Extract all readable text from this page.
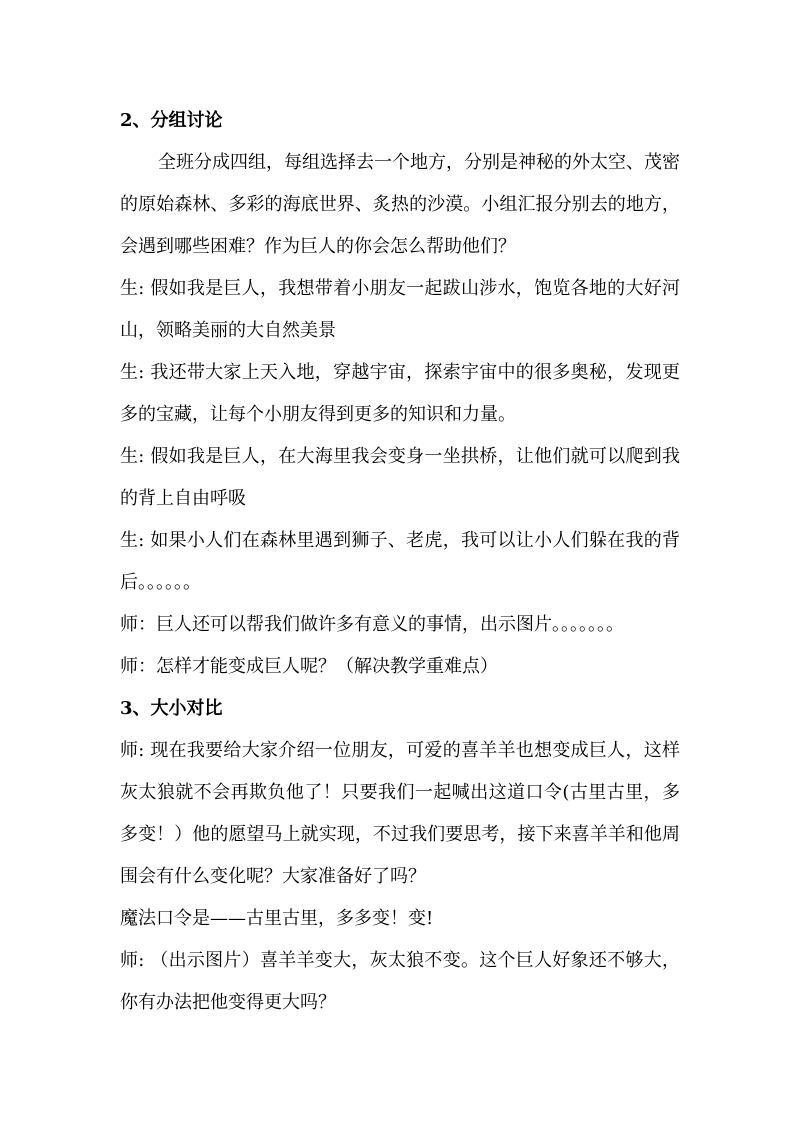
2、分组讨论

全班分成四组，每组选择去一个地方，分别是神秘的外太空、茂密的原始森林、多彩的海底世界、炙热的沙漠。小组汇报分别去的地方，会遇到哪些困难？作为巨人的你会怎么帮助他们？

生: 假如我是巨人，我想带着小朋友一起跋山涉水，饱览各地的大好河山，领略美丽的大自然美景

生: 我还带大家上天入地，穿越宇宙，探索宇宙中的很多奥秘，发现更多的宝藏，让每个小朋友得到更多的知识和力量。

生: 假如我是巨人，在大海里我会变身一坐拱桥，让他们就可以爬到我的背上自由呼吸

生: 如果小人们在森林里遇到狮子、老虎，我可以让小人们躲在我的背后。。。。。。

师：巨人还可以帮我们做许多有意义的事情，出示图片。。。。。。。

师：怎样才能变成巨人呢？（解决教学重难点）

3、大小对比

师: 现在我要给大家介绍一位朋友，可爱的喜羊羊也想变成巨人，这样灰太狼就不会再欺负他了！只要我们一起喊出这道口令(古里古里，多多变！）他的愿望马上就实现，不过我们要思考，接下来喜羊羊和他周围会有什么变化呢？大家准备好了吗？

魔法口令是——古里古里，多多变！变!

师: （出示图片）喜羊羊变大，灰太狼不变。这个巨人好象还不够大，你有办法把他变得更大吗？
